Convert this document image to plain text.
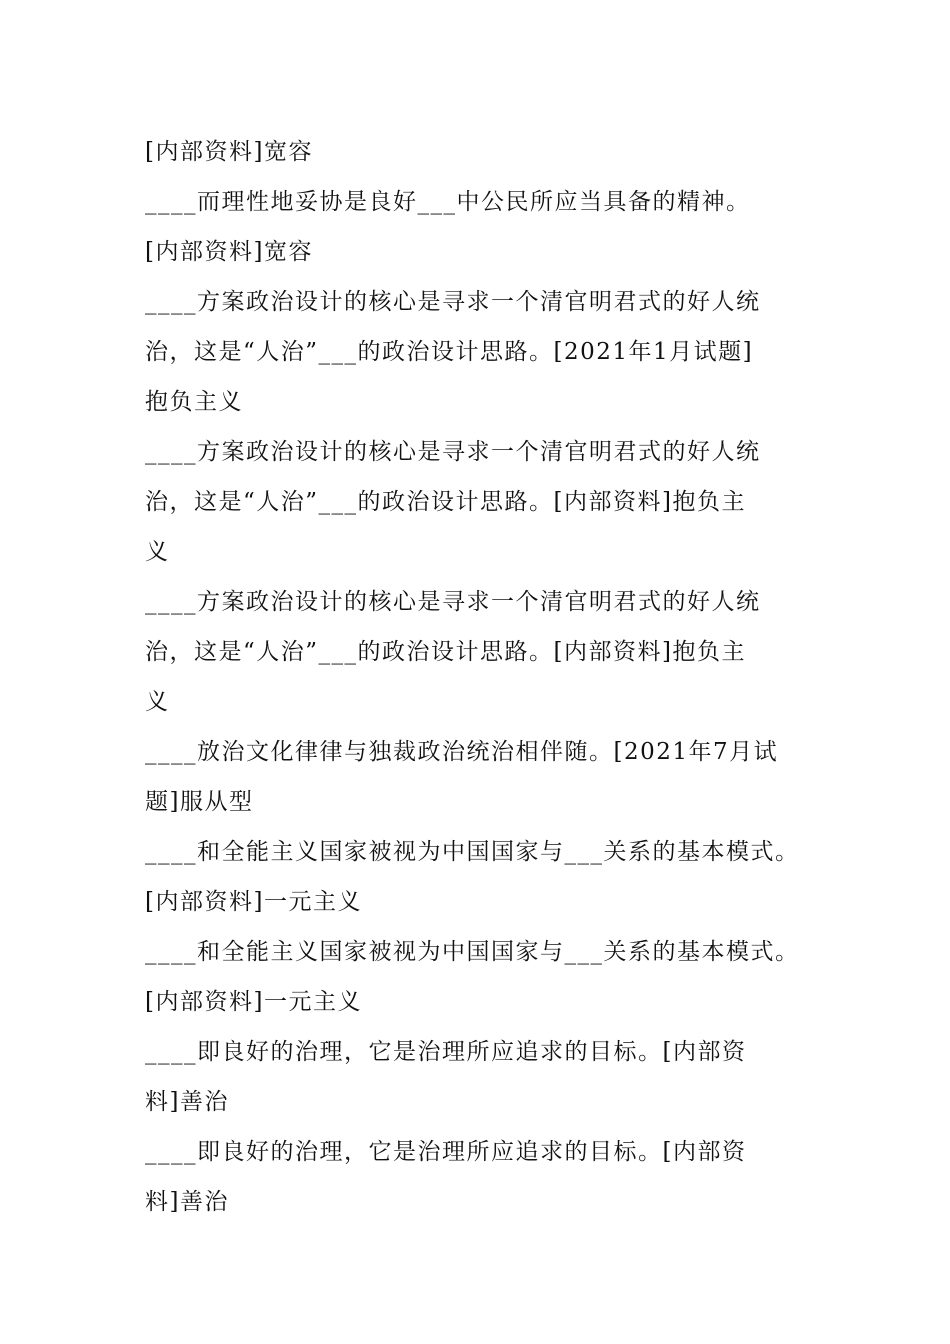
[内部资料]宽容
____而理性地妥协是良好___中公民所应当具备的精神。
[内部资料]宽容
____方案政治设计的核心是寻求一个清官明君式的好人统
治，这是“人治”___的政治设计思路。[2021年1月试题]
抱负主义
____方案政治设计的核心是寻求一个清官明君式的好人统
治，这是“人治”___的政治设计思路。[内部资料]抱负主
义
____方案政治设计的核心是寻求一个清官明君式的好人统
治，这是“人治”___的政治设计思路。[内部资料]抱负主
义
____放治文化律律与独裁政治统治相伴随。[2021年7月试
题]服从型
____和全能主义国家被视为中国国家与___关系的基本模式。
[内部资料]一元主义
____和全能主义国家被视为中国国家与___关系的基本模式。
[内部资料]一元主义
____即良好的治理，它是治理所应追求的目标。[内部资
料]善治
____即良好的治理，它是治理所应追求的目标。[内部资
料]善治
